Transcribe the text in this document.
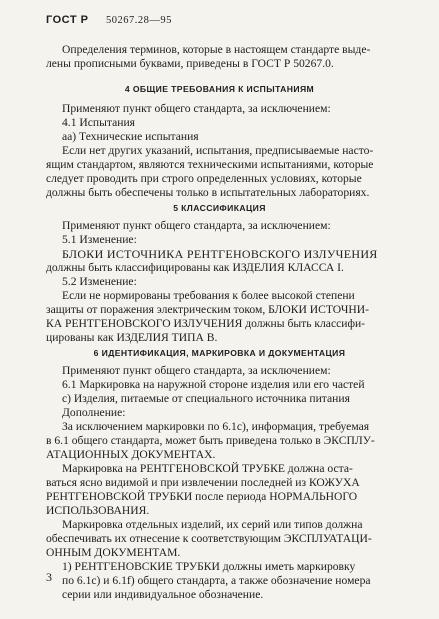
ГОСТ Р 50267.28—95
Определения терминов, которые в настоящем стандарте выде-
лены прописными буквами, приведены в ГОСТ Р 50267.0.
4 ОБЩИЕ ТРЕБОВАНИЯ К ИСПЫТАНИЯМ
Применяют пункт общего стандарта, за исключением:
4.1 Испытания
аа) Технические испытания
Если нет других указаний, испытания, предписываемые насто-
ящим стандартом, являются техническими испытаниями, которые
следует проводить при строго определенных условиях, которые
должны быть обеспечены только в испытательных лабораториях.
5 КЛАССИФИКАЦИЯ
Применяют пункт общего стандарта, за исключением:
5.1 Изменение:
БЛОКИ ИСТОЧНИКА РЕНТГЕНОВСКОГО ИЗЛУЧЕНИЯ
должны быть классифицированы как ИЗДЕЛИЯ КЛАССА I.
5.2 Изменение:
Если не нормированы требования к более высокой степени
защиты от поражения электрическим током, БЛОКИ ИСТОЧНИ-
КА РЕНТГЕНОВСКОГО ИЗЛУЧЕНИЯ должны быть классифи-
цированы как ИЗДЕЛИЯ ТИПА В.
6 ИДЕНТИФИКАЦИЯ, МАРКИРОВКА И ДОКУМЕНТАЦИЯ
Применяют пункт общего стандарта, за исключением:
6.1 Маркировка на наружной стороне изделия или его частей
с) Изделия, питаемые от специального источника питания
Дополнение:
За исключением маркировки по 6.1с), информация, требуемая
в 6.1 общего стандарта, может быть приведена только в ЭКСПЛУ-
АТАЦИОННЫХ ДОКУМЕНТАХ.
Маркировка на РЕНТГЕНОВСКОЙ ТРУБКЕ должна оста-
ваться ясно видимой и при извлечении последней из КОЖУХА
РЕНТГЕНОВСКОЙ ТРУБКИ после периода НОРМАЛЬНОГО
ИСПОЛЬЗОВАНИЯ.
Маркировка отдельных изделий, их серий или типов должна
обеспечивать их отнесение к соответствующим ЭКСПЛУАТАЦИ-
ОННЫМ ДОКУМЕНТАМ.
1) РЕНТГЕНОВСКИЕ ТРУБКИ должны иметь маркировку
по 6.1с) и 6.1f) общего стандарта, а также обозначение номера
серии или индивидуальное обозначение.
3
